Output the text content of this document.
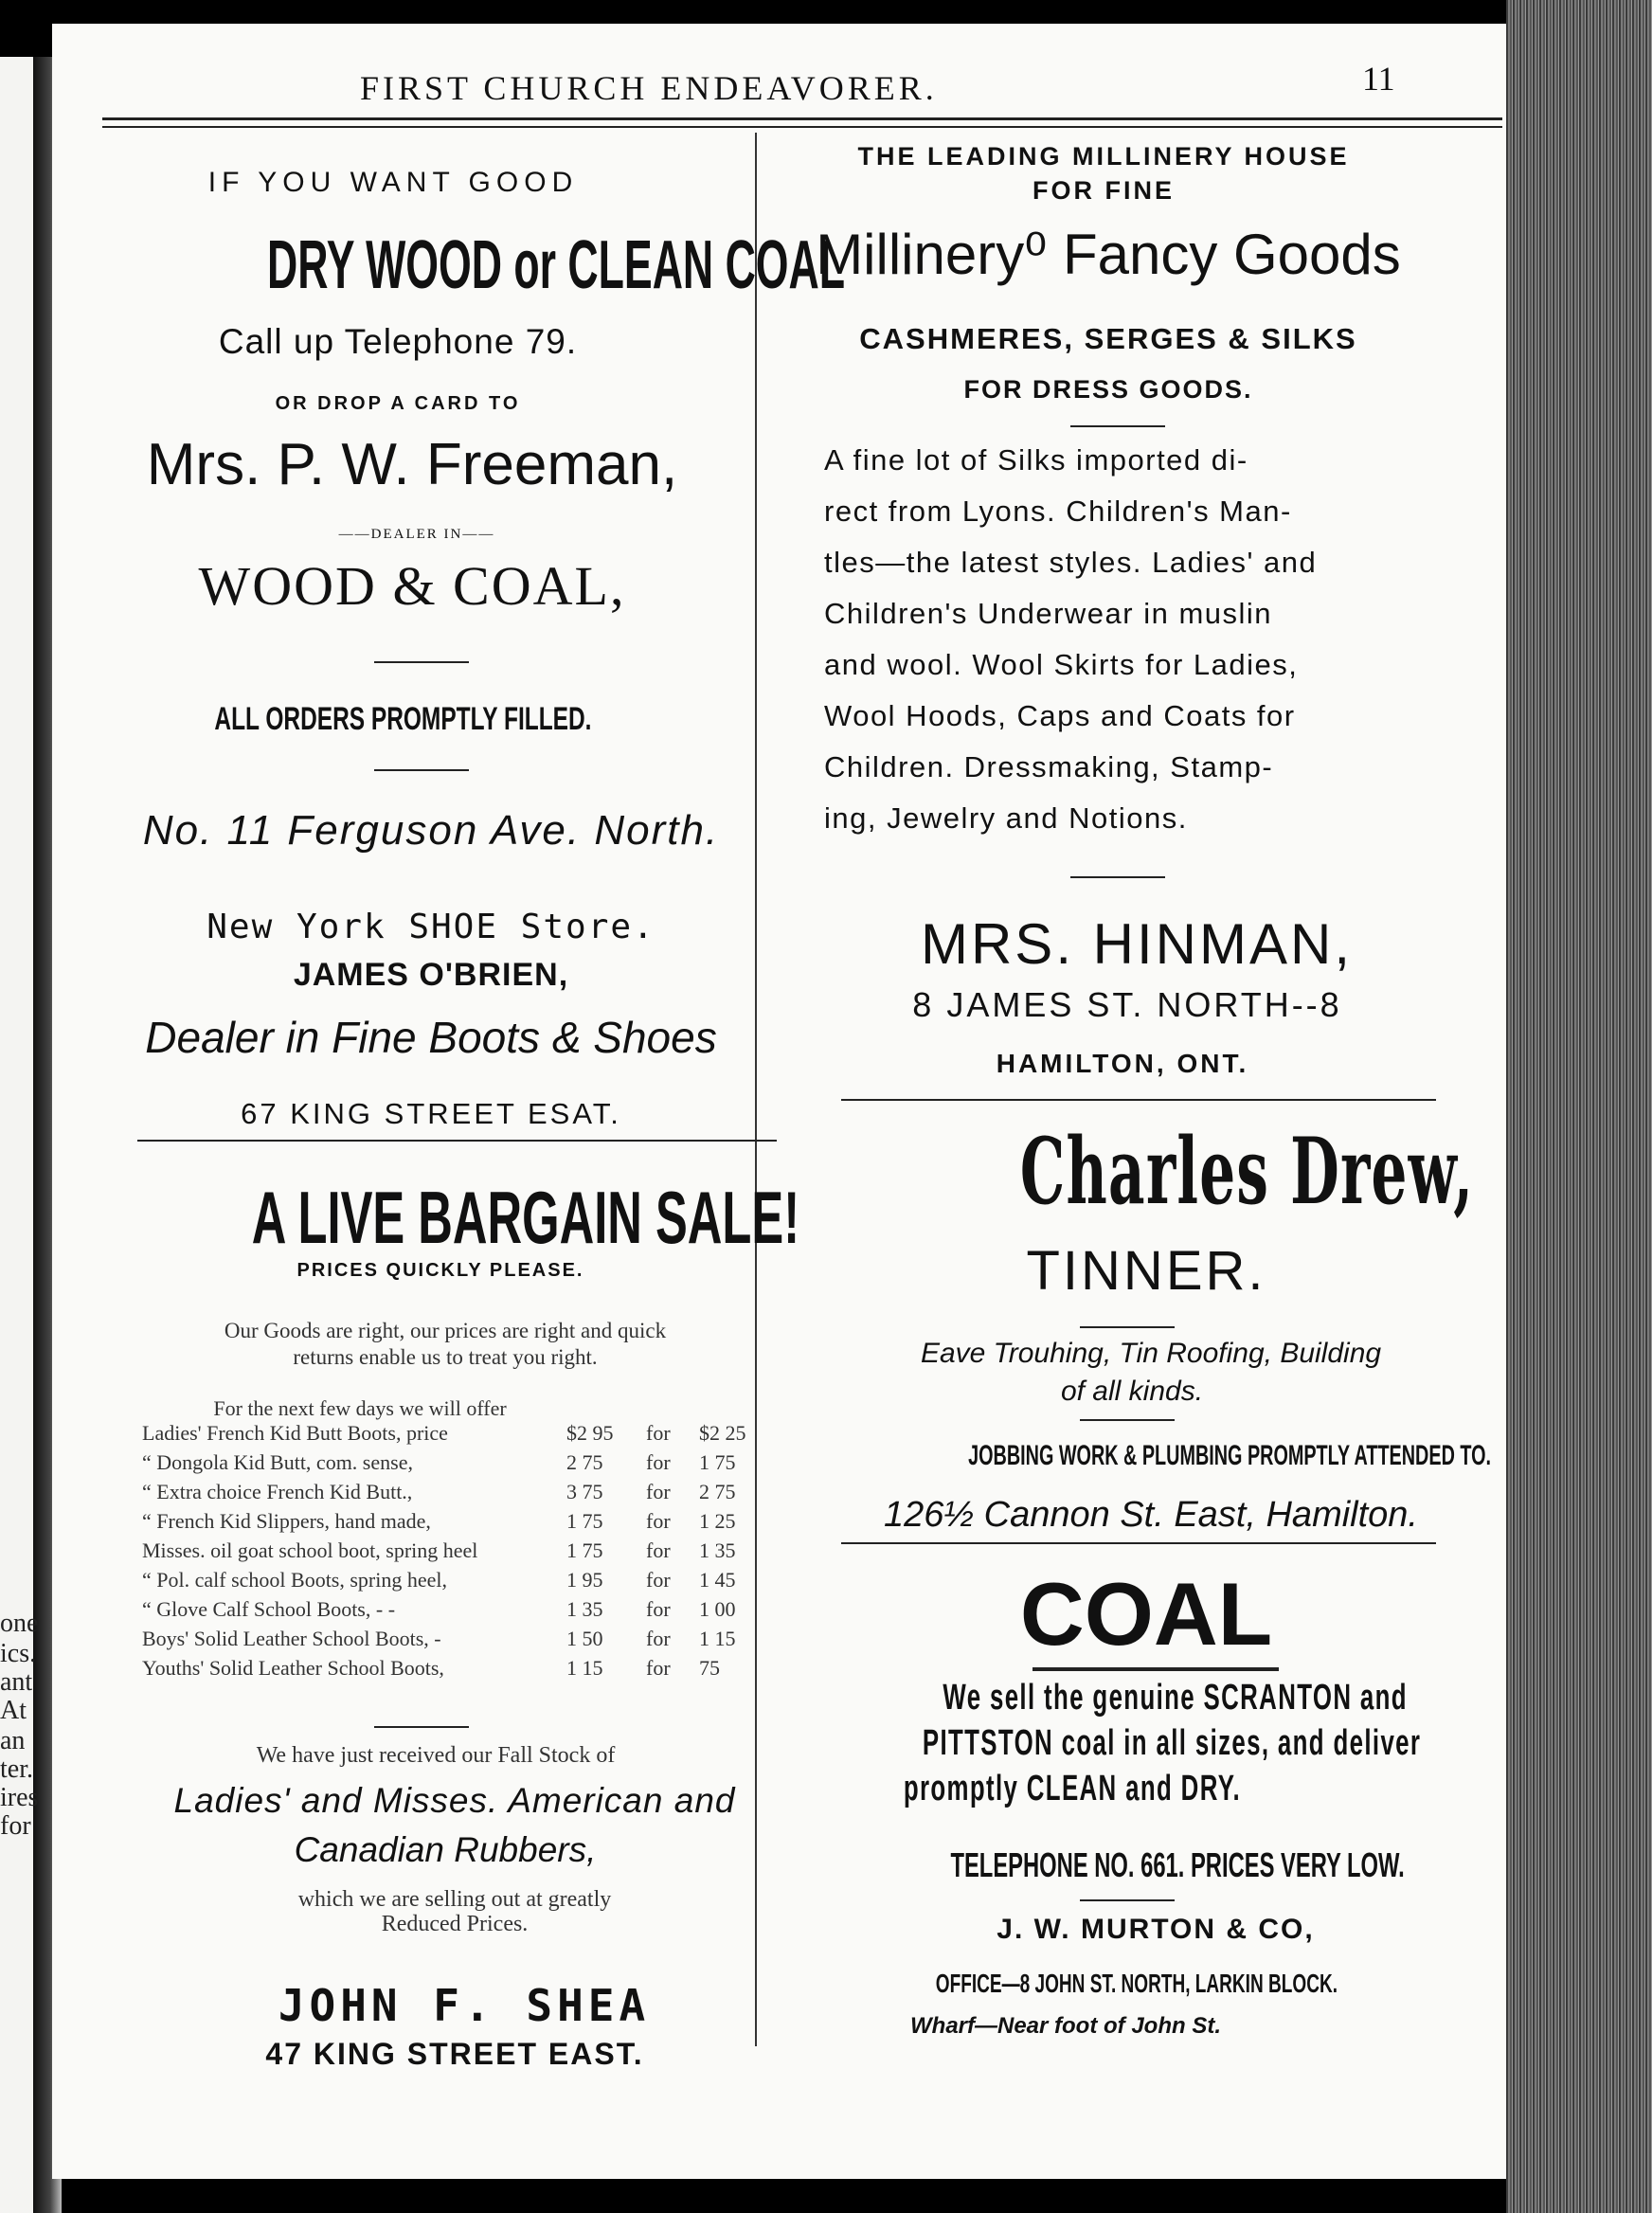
one
ics.
ant
At
an
ter.
ires
for
FIRST CHURCH ENDEAVORER.	11
IF YOU WANT GOOD
DRY WOOD or CLEAN COAL
Call up Telephone 79.
OR DROP A CARD TO
Mrs. P. W. Freeman,
——DEALER IN——
WOOD & COAL,
ALL ORDERS PROMPTLY FILLED.
No. 11 Ferguson Ave. North.
New York SHOE Store.
JAMES O'BRIEN,
Dealer in Fine Boots & Shoes
67 KING STREET ESAT.
A LIVE BARGAIN SALE!
PRICES QUICKLY PLEASE.
Our Goods are right, our prices are right and quick
returns enable us to treat you right.
For the next few days we will offer
Ladies' French Kid Butt Boots, price	$2 95 for $2 25
“ Dongola Kid Butt, com. sense,	2 75 for 1 75
“ Extra choice French Kid Butt.,	3 75 for 2 75
“ French Kid Slippers, hand made,	1 75 for 1 25
Misses. oil goat school boot, spring heel	1 75 for 1 35
“ Pol. calf school Boots, spring heel,	1 95 for 1 45
“ Glove Calf School Boots, - -	1 35 for 1 00
Boys' Solid Leather School Boots, -	1 50 for 1 15
Youths' Solid Leather School Boots,	1 15 for 75
We have just received our Fall Stock of
Ladies' and Misses. American and
Canadian Rubbers,
which we are selling out at greatly
Reduced Prices.
JOHN F. SHEA
47 KING STREET EAST.
THE LEADING MILLINERY HOUSE
FOR FINE
Millinery⁰ Fancy Goods
CASHMERES, SERGES & SILKS
FOR DRESS GOODS.
A fine lot of Silks imported di-
rect from Lyons. Children's Man-
tles—the latest styles. Ladies' and
Children's Underwear in muslin
and wool. Wool Skirts for Ladies,
Wool Hoods, Caps and Coats for
Children. Dressmaking, Stamp-
ing, Jewelry and Notions.
MRS. HINMAN,
8 JAMES ST. NORTH--8
HAMILTON, ONT.
Charles Drew,
TINNER.
Eave Trouhing, Tin Roofing, Building
of all kinds.
JOBBING WORK & PLUMBING PROMPTLY ATTENDED TO.
126½ Cannon St. East, Hamilton.
COAL
We sell the genuine SCRANTON and
PITTSTON coal in all sizes, and deliver
promptly CLEAN and DRY.
TELEPHONE NO. 661. PRICES VERY LOW.
J. W. MURTON & CO,
OFFICE—8 JOHN ST. NORTH, LARKIN BLOCK.
Wharf—Near foot of John St.
